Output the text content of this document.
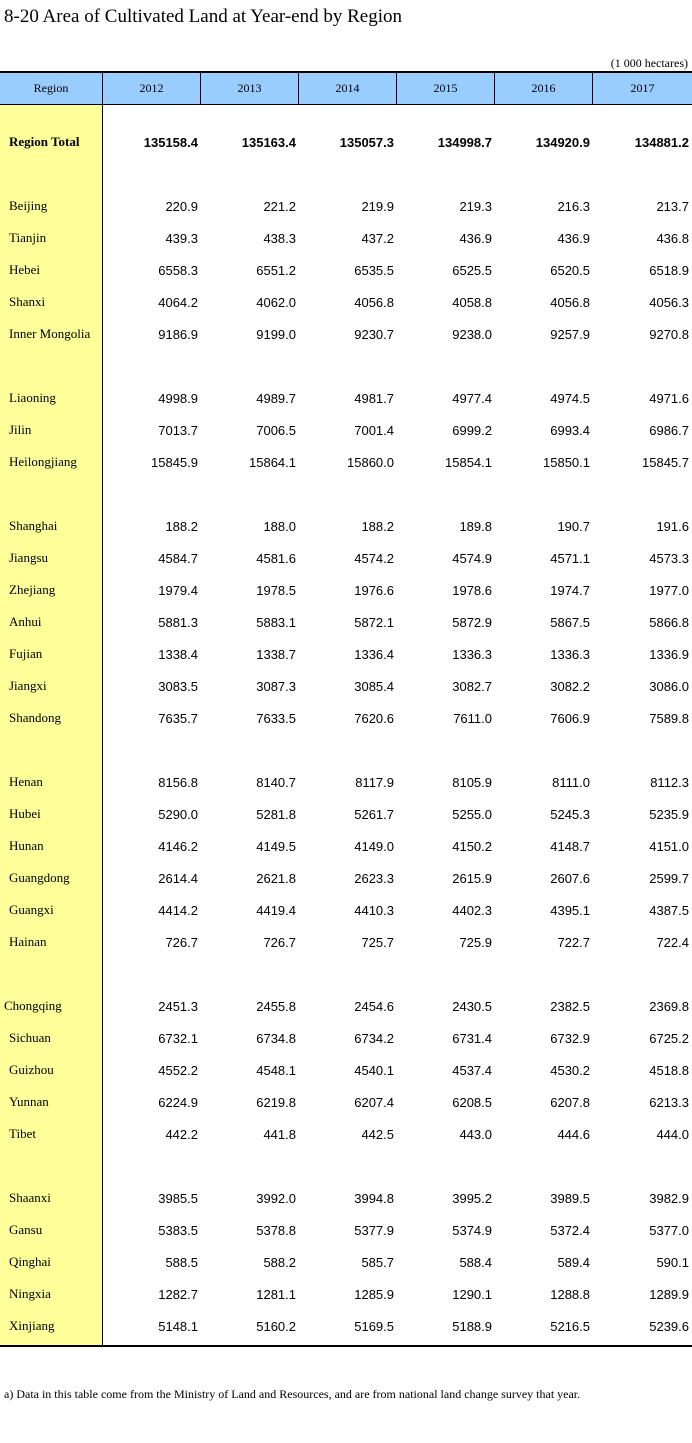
8-20 Area of Cultivated Land at Year-end by Region
(1 000 hectares)
Region	2012	2013	2014	2015	2016	2017
Region Total	135158.4	135163.4	135057.3	134998.7	134920.9	134881.2
Beijing	220.9	221.2	219.9	219.3	216.3	213.7
Tianjin	439.3	438.3	437.2	436.9	436.9	436.8
Hebei	6558.3	6551.2	6535.5	6525.5	6520.5	6518.9
Shanxi	4064.2	4062.0	4056.8	4058.8	4056.8	4056.3
Inner Mongolia	9186.9	9199.0	9230.7	9238.0	9257.9	9270.8
Liaoning	4998.9	4989.7	4981.7	4977.4	4974.5	4971.6
Jilin	7013.7	7006.5	7001.4	6999.2	6993.4	6986.7
Heilongjiang	15845.9	15864.1	15860.0	15854.1	15850.1	15845.7
Shanghai	188.2	188.0	188.2	189.8	190.7	191.6
Jiangsu	4584.7	4581.6	4574.2	4574.9	4571.1	4573.3
Zhejiang	1979.4	1978.5	1976.6	1978.6	1974.7	1977.0
Anhui	5881.3	5883.1	5872.1	5872.9	5867.5	5866.8
Fujian	1338.4	1338.7	1336.4	1336.3	1336.3	1336.9
Jiangxi	3083.5	3087.3	3085.4	3082.7	3082.2	3086.0
Shandong	7635.7	7633.5	7620.6	7611.0	7606.9	7589.8
Henan	8156.8	8140.7	8117.9	8105.9	8111.0	8112.3
Hubei	5290.0	5281.8	5261.7	5255.0	5245.3	5235.9
Hunan	4146.2	4149.5	4149.0	4150.2	4148.7	4151.0
Guangdong	2614.4	2621.8	2623.3	2615.9	2607.6	2599.7
Guangxi	4414.2	4419.4	4410.3	4402.3	4395.1	4387.5
Hainan	726.7	726.7	725.7	725.9	722.7	722.4
Chongqing	2451.3	2455.8	2454.6	2430.5	2382.5	2369.8
Sichuan	6732.1	6734.8	6734.2	6731.4	6732.9	6725.2
Guizhou	4552.2	4548.1	4540.1	4537.4	4530.2	4518.8
Yunnan	6224.9	6219.8	6207.4	6208.5	6207.8	6213.3
Tibet	442.2	441.8	442.5	443.0	444.6	444.0
Shaanxi	3985.5	3992.0	3994.8	3995.2	3989.5	3982.9
Gansu	5383.5	5378.8	5377.9	5374.9	5372.4	5377.0
Qinghai	588.5	588.2	585.7	588.4	589.4	590.1
Ningxia	1282.7	1281.1	1285.9	1290.1	1288.8	1289.9
Xinjiang	5148.1	5160.2	5169.5	5188.9	5216.5	5239.6
a) Data in this table come from the Ministry of Land and Resources, and are from national land change survey that year.
